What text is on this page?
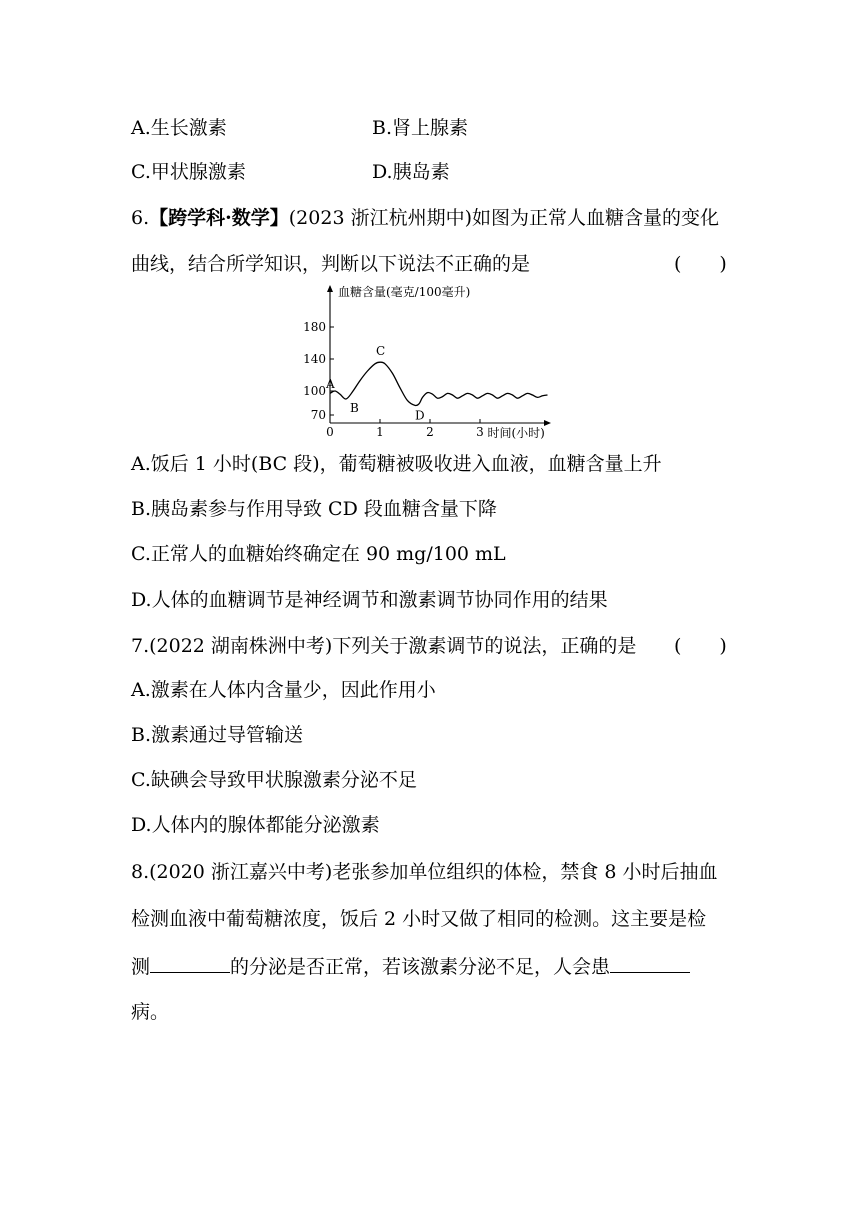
A.生长激素	B.肾上腺素
C.甲状腺激素	D.胰岛素
6.【跨学科·数学】(2023 浙江杭州期中)如图为正常人血糖含量的变化
曲线，结合所学知识，判断以下说法不正确的是	(　　)
70
100
140
180
0	1	2	3
A
B
C
D
血糖含量(毫克/100毫升)
时间(小时)
A.饭后 1 小时(BC 段)，葡萄糖被吸收进入血液，血糖含量上升
B.胰岛素参与作用导致 CD 段血糖含量下降
C.正常人的血糖始终确定在 90 mg/100 mL
D.人体的血糖调节是神经调节和激素调节协同作用的结果
7.(2022 湖南株洲中考)下列关于激素调节的说法，正确的是 (　　)
A.激素在人体内含量少，因此作用小
B.激素通过导管输送
C.缺碘会导致甲状腺激素分泌不足
D.人体内的腺体都能分泌激素
8.(2020 浙江嘉兴中考)老张参加单位组织的体检，禁食 8 小时后抽血
检测血液中葡萄糖浓度，饭后 2 小时又做了相同的检测。这主要是检
测	的分泌是否正常，若该激素分泌不足，人会患
病。
